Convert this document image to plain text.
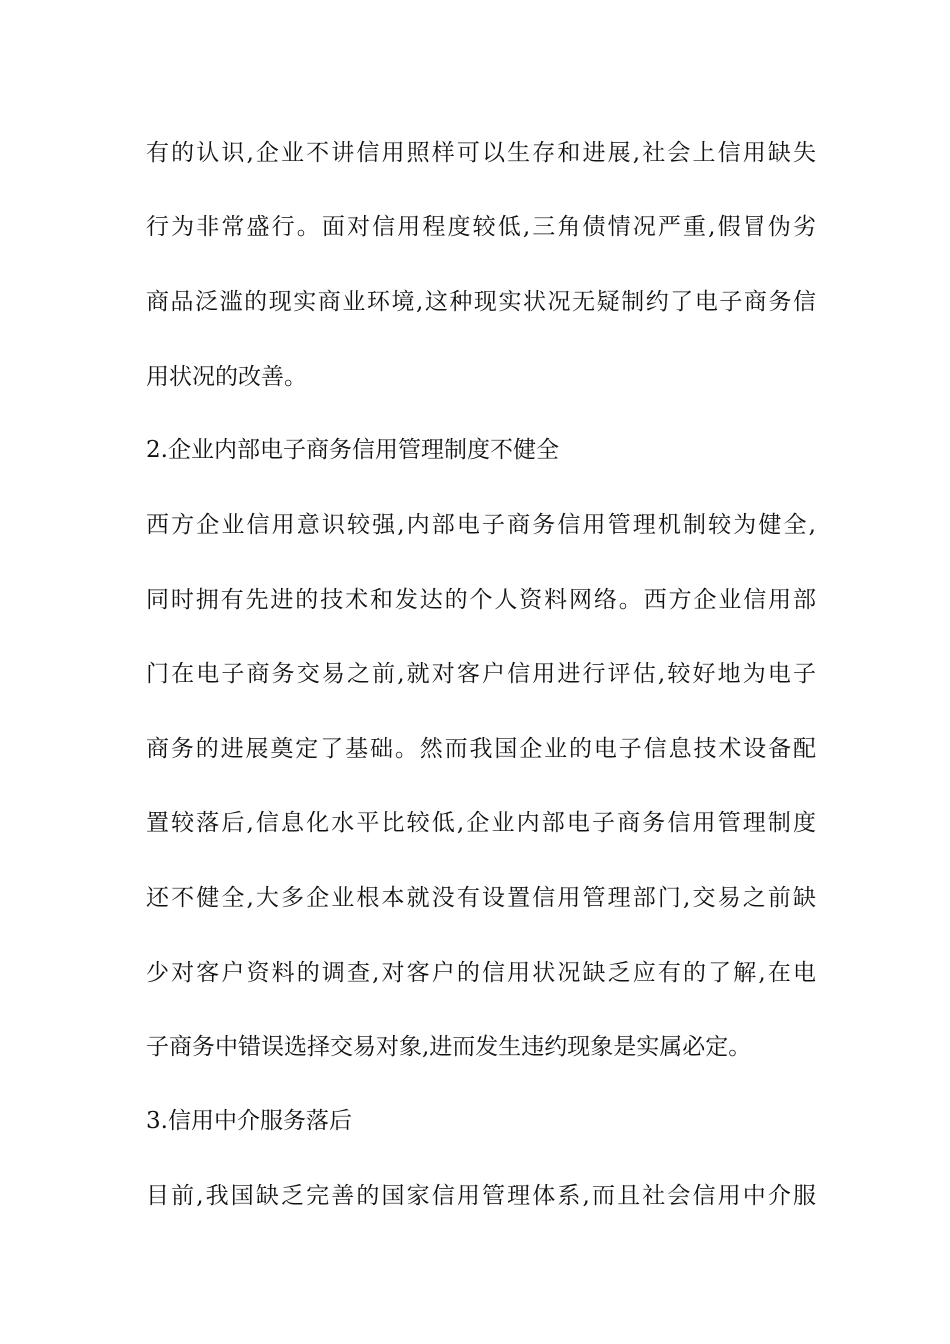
有的认识,企业不讲信用照样可以生存和进展,社会上信用缺失
行为非常盛行。面对信用程度较低,三角债情况严重,假冒伪劣
商品泛滥的现实商业环境,这种现实状况无疑制约了电子商务信
用状况的改善。
2.企业内部电子商务信用管理制度不健全
西方企业信用意识较强,内部电子商务信用管理机制较为健全,
同时拥有先进的技术和发达的个人资料网络。西方企业信用部
门在电子商务交易之前,就对客户信用进行评估,较好地为电子
商务的进展奠定了基础。然而我国企业的电子信息技术设备配
置较落后,信息化水平比较低,企业内部电子商务信用管理制度
还不健全,大多企业根本就没有设置信用管理部门,交易之前缺
少对客户资料的调查,对客户的信用状况缺乏应有的了解,在电
子商务中错误选择交易对象,进而发生违约现象是实属必定。
3.信用中介服务落后
目前,我国缺乏完善的国家信用管理体系,而且社会信用中介服
